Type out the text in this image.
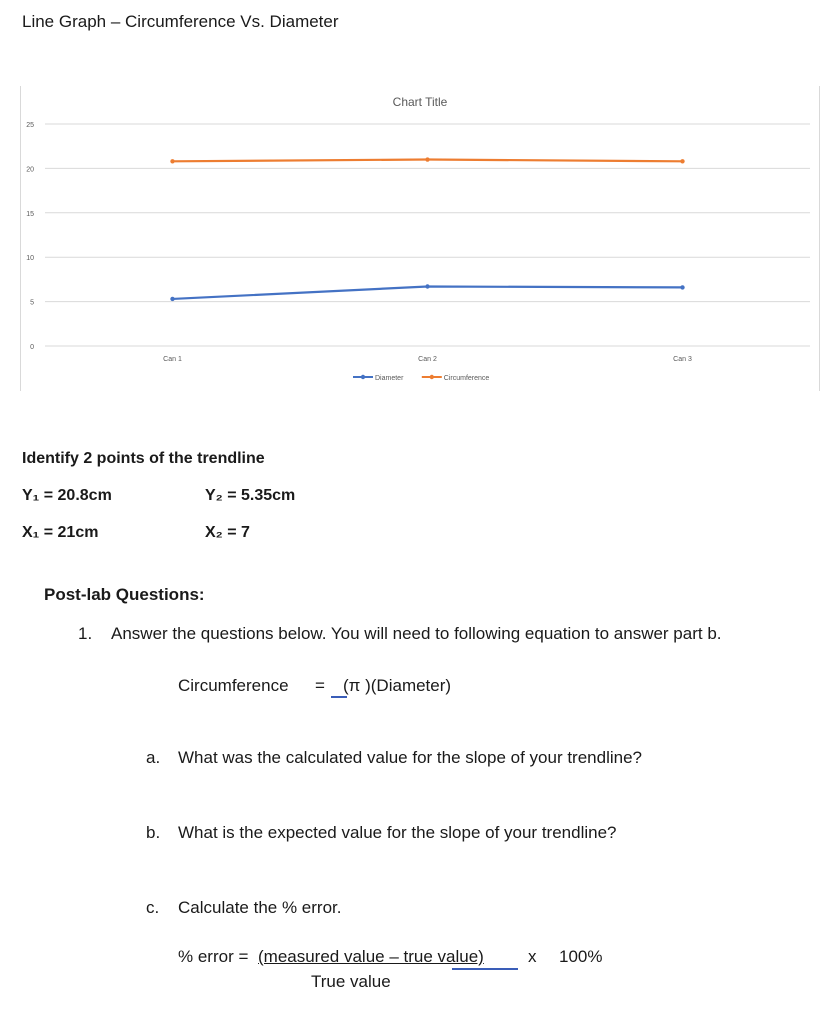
Line Graph – Circumference Vs. Diameter
Chart Title
0
5
10
15
20
25
Can 1	Can 2	Can 3
Diameter	Circumference
Identify 2 points of the trendline
Y₁ = 20.8cm	Y₂ = 5.35cm
X₁ = 21cm	X₂ = 7
Post-lab Questions:
1. Answer the questions below. You will need to following equation to answer part b.
Circumference = (π )(Diameter)
a. What was the calculated value for the slope of your trendline?
b. What is the expected value for the slope of your trendline?
c. Calculate the % error.
% error = (measured value – true value)	x 100%
True value
